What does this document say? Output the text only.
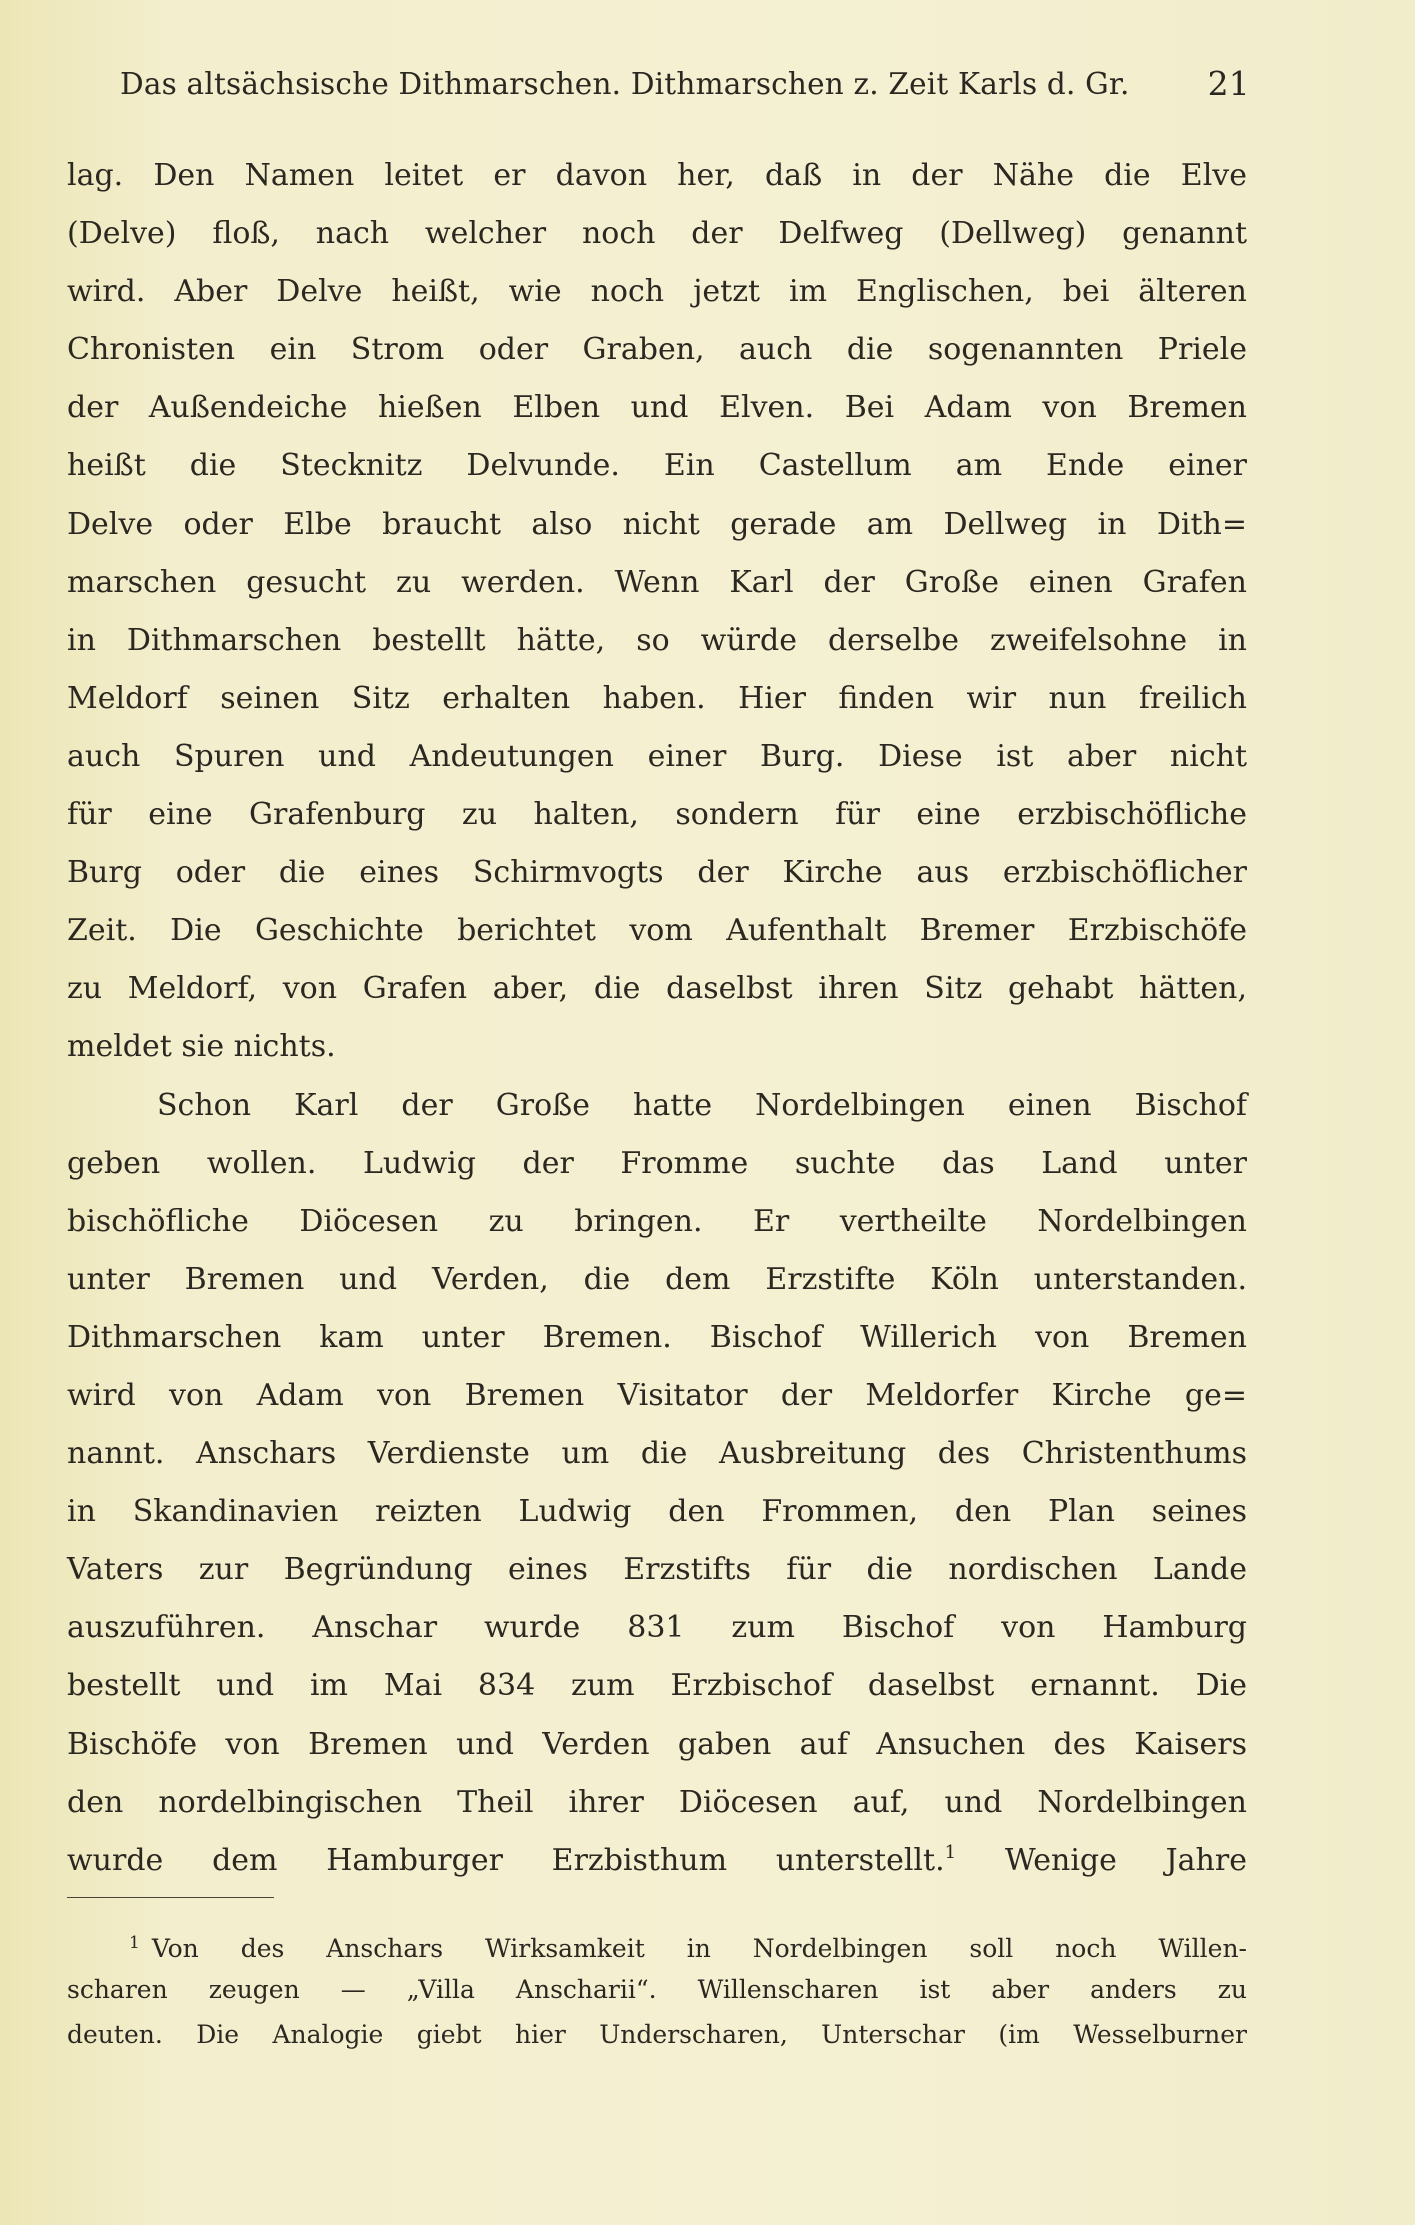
Das altsächsische Dithmarschen. Dithmarschen z. Zeit Karls d. Gr. 21
lag. Den Namen leitet er davon her, daß in der Nähe die Elve
(Delve) floß, nach welcher noch der Delfweg (Dellweg) genannt
wird. Aber Delve heißt, wie noch jetzt im Englischen, bei älteren
Chronisten ein Strom oder Graben, auch die sogenannten Priele
der Außendeiche hießen Elben und Elven. Bei Adam von Bremen
heißt die Stecknitz Delvunde. Ein Castellum am Ende einer
Delve oder Elbe braucht also nicht gerade am Dellweg in Dith=
marschen gesucht zu werden. Wenn Karl der Große einen Grafen
in Dithmarschen bestellt hätte, so würde derselbe zweifelsohne in
Meldorf seinen Sitz erhalten haben. Hier finden wir nun freilich
auch Spuren und Andeutungen einer Burg. Diese ist aber nicht
für eine Grafenburg zu halten, sondern für eine erzbischöfliche
Burg oder die eines Schirmvogts der Kirche aus erzbischöflicher
Zeit. Die Geschichte berichtet vom Aufenthalt Bremer Erzbischöfe
zu Meldorf, von Grafen aber, die daselbst ihren Sitz gehabt hätten,
meldet sie nichts.
Schon Karl der Große hatte Nordelbingen einen Bischof
geben wollen. Ludwig der Fromme suchte das Land unter
bischöfliche Diöcesen zu bringen. Er vertheilte Nordelbingen
unter Bremen und Verden, die dem Erzstifte Köln unterstanden.
Dithmarschen kam unter Bremen. Bischof Willerich von Bremen
wird von Adam von Bremen Visitator der Meldorfer Kirche ge=
nannt. Anschars Verdienste um die Ausbreitung des Christenthums
in Skandinavien reizten Ludwig den Frommen, den Plan seines
Vaters zur Begründung eines Erzstifts für die nordischen Lande
auszuführen. Anschar wurde 831 zum Bischof von Hamburg
bestellt und im Mai 834 zum Erzbischof daselbst ernannt. Die
Bischöfe von Bremen und Verden gaben auf Ansuchen des Kaisers
den nordelbingischen Theil ihrer Diöcesen auf, und Nordelbingen
wurde dem Hamburger Erzbisthum unterstellt.$^1$ Wenige Jahre
$^1$ Von des Anschars Wirksamkeit in Nordelbingen soll noch Willen-
scharen zeugen — „Villa Anscharii“. Willenscharen ist aber anders zu
deuten. Die Analogie giebt hier Underscharen, Unterschar (im Wesselburner
